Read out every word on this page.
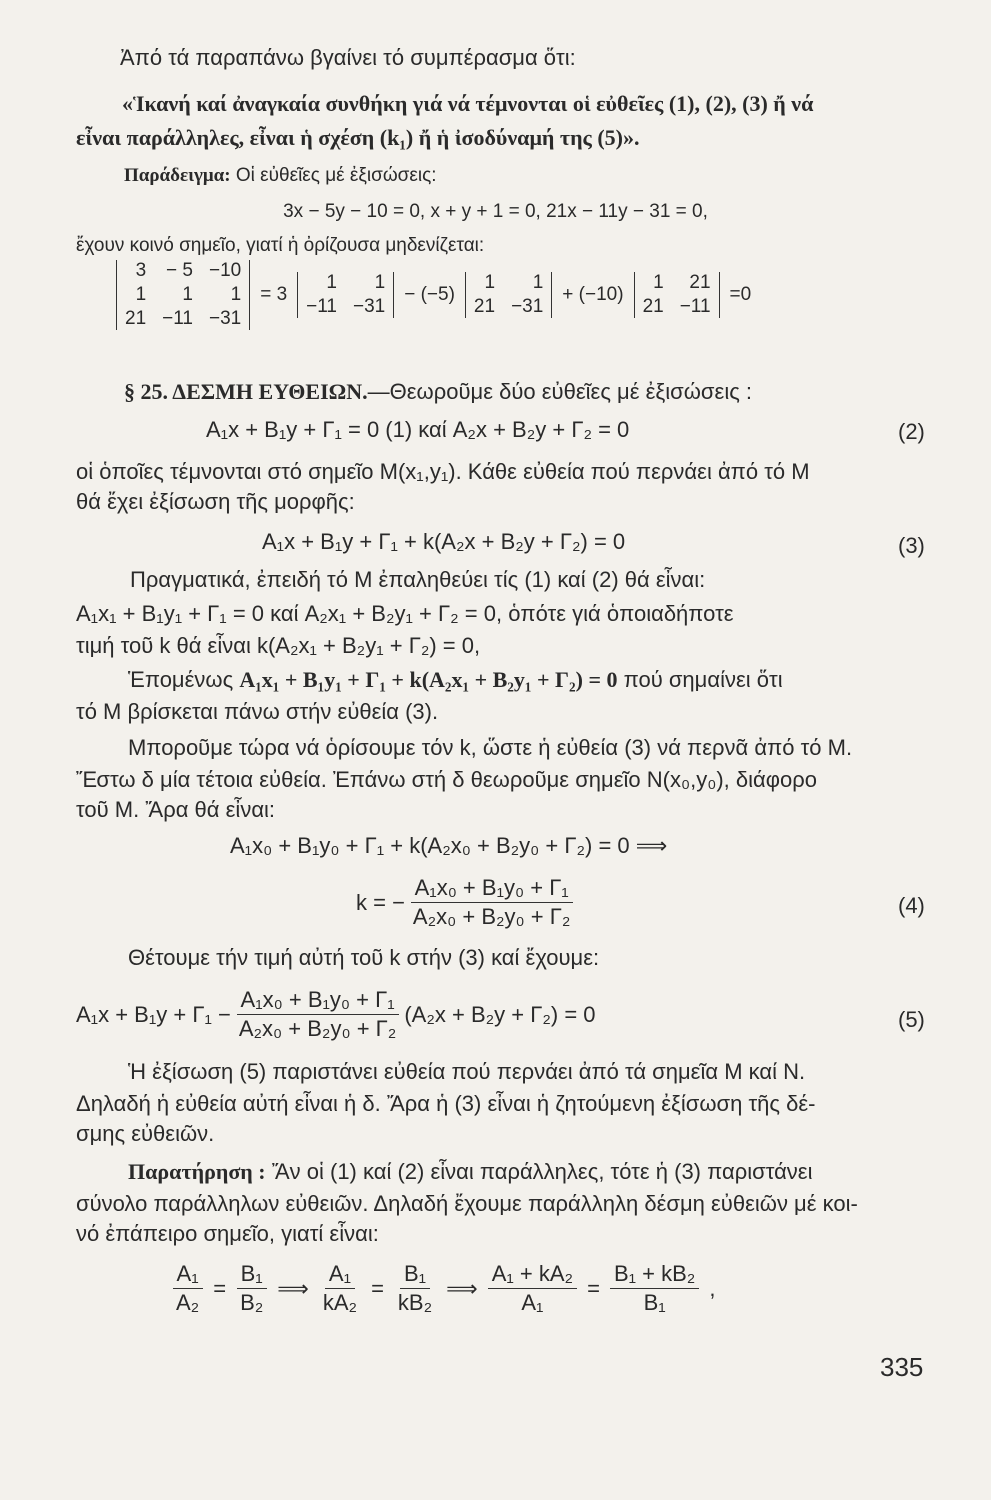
Ἀπό τά παραπάνω βγαίνει τό συμπέρασμα ὅτι:
«Ἱκανή καί ἀναγκαία συνθήκη γιά νά τέμνονται οἱ εὐθεῖες (1), (2), (3) ἤ νά
εἶναι παράλληλες, εἶναι ἡ σχέση (k₁) ἤ ἡ ἰσοδύναμή της (5)».
Παράδειγμα: Οἱ εὐθεῖες μέ ἐξισώσεις:
3x − 5y − 10 = 0, x + y + 1 = 0, 21x − 11y − 31 = 0,
ἔχουν κοινό σημεῖο, γιατί ἡ ὀρίζουσα μηδενίζεται:
3 − 5 −10
1	1	1
21 −11 −31
= 3
1	1
−11 −31
− (−5)
1	1
21 −31
+ (−10)
1	21
21 −11
=0
§ 25. ΔΕΣΜΗ ΕΥΘΕΙΩΝ.—Θεωροῦμε δύο εὐθεῖες μέ ἐξισώσεις :
A₁x + B₁y + Γ₁ = 0 (1) καί A₂x + B₂y + Γ₂ = 0	(2)
οἱ ὁποῖες τέμνονται στό σημεῖο M(x₁,y₁). Κάθε εὐθεία πού περνάει ἀπό τό M
θά ἔχει ἐξίσωση τῆς μορφῆς:
A₁x + B₁y + Γ₁ + k(A₂x + B₂y + Γ₂) = 0	(3)
Πραγματικά, ἐπειδή τό M ἐπαληθεύει τίς (1) καί (2) θά εἶναι:
A₁x₁ + B₁y₁ + Γ₁ = 0 καί A₂x₁ + B₂y₁ + Γ₂ = 0, ὁπότε γιά ὁποιαδήποτε
τιμή τοῦ k θά εἶναι k(A₂x₁ + B₂y₁ + Γ₂) = 0,
Ἑπομένως A₁x₁ + B₁y₁ + Γ₁ + k(A₂x₁ + B₂y₁ + Γ₂) = 0 πού σημαίνει ὅτι
τό M βρίσκεται πάνω στήν εὐθεία (3).
Μποροῦμε τώρα νά ὁρίσουμε τόν k, ὥστε ἡ εὐθεία (3) νά περνᾶ ἀπό τό M.
Ἔστω δ μία τέτοια εὐθεία. Ἐπάνω στή δ θεωροῦμε σημεῖο N(x₀,y₀), διάφορο
τοῦ M. Ἄρα θά εἶναι:
A₁x₀ + B₁y₀ + Γ₁ + k(A₂x₀ + B₂y₀ + Γ₂) = 0 ⟹
k = − $\frac{\text{A₁x₀ + B₁y₀ + Γ₁}}{\text{A₂x₀ + B₂y₀ + Γ₂}}$	(4)
Θέτουμε τήν τιμή αὐτή τοῦ k στήν (3) καί ἔχουμε:
$A_1x + B_1y + \Gamma_1 - \frac{\text{A₁x₀ + B₁y₀ + Γ₁}}{\text{A₂x₀ + B₂y₀ + Γ₂}} (A_2x + B_2y + \Gamma_2) = 0$	(5)
Ἡ ἐξίσωση (5) παριστάνει εὐθεία πού περνάει ἀπό τά σημεῖα M καί N.
Δηλαδή ἡ εὐθεία αὐτή εἶναι ἡ δ. Ἄρα ἡ (3) εἶναι ἡ ζητούμενη ἐξίσωση τῆς δέ-
σμης εὐθειῶν.
Παρατήρηση : Ἄν οἱ (1) καί (2) εἶναι παράλληλες, τότε ἡ (3) παριστάνει
σύνολο παράλληλων εὐθειῶν. Δηλαδή ἔχουμε παράλληλη δέσμη εὐθειῶν μέ κοι-
νό ἐπάπειρο σημεῖο, γιατί εἶναι:
$\frac{\text{A₁}}{\text{A₂}} = \frac{\text{B₁}}{\text{B₂}}$ ⟹ $\frac{\text{A₁}}{\text{kA₂}} = \frac{\text{B₁}}{\text{kB₂}}$ ⟹ $\frac{\text{A₁ + kA₂}}{\text{A₁}} = \frac{\text{B₁ + kB₂}}{\text{B₁}}$ ,
335
